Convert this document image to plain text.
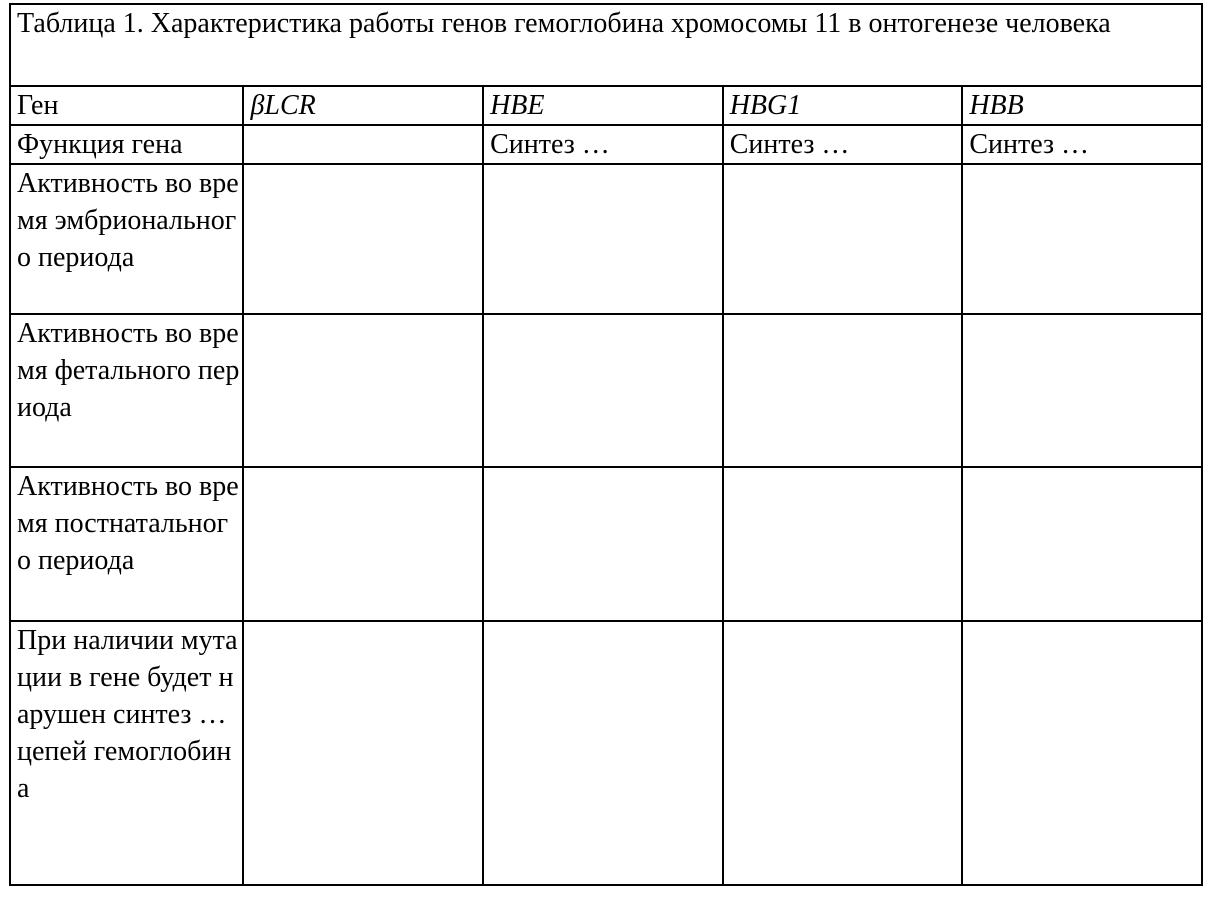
Таблица 1. Характеристика работы генов гемоглобина хромосомы 11 в онтогенезе человека				
Ген	βLCR	HBE	HBG1	HBB
Функция гена		Синтез …	Синтез …	Синтез …
Активность во время эмбриональног о периода				
Активность во время фетального периода				
Активность во время постнатальног о периода				
При наличии мутации в гене будет нарушен синтез … цепей гемоглобина				
